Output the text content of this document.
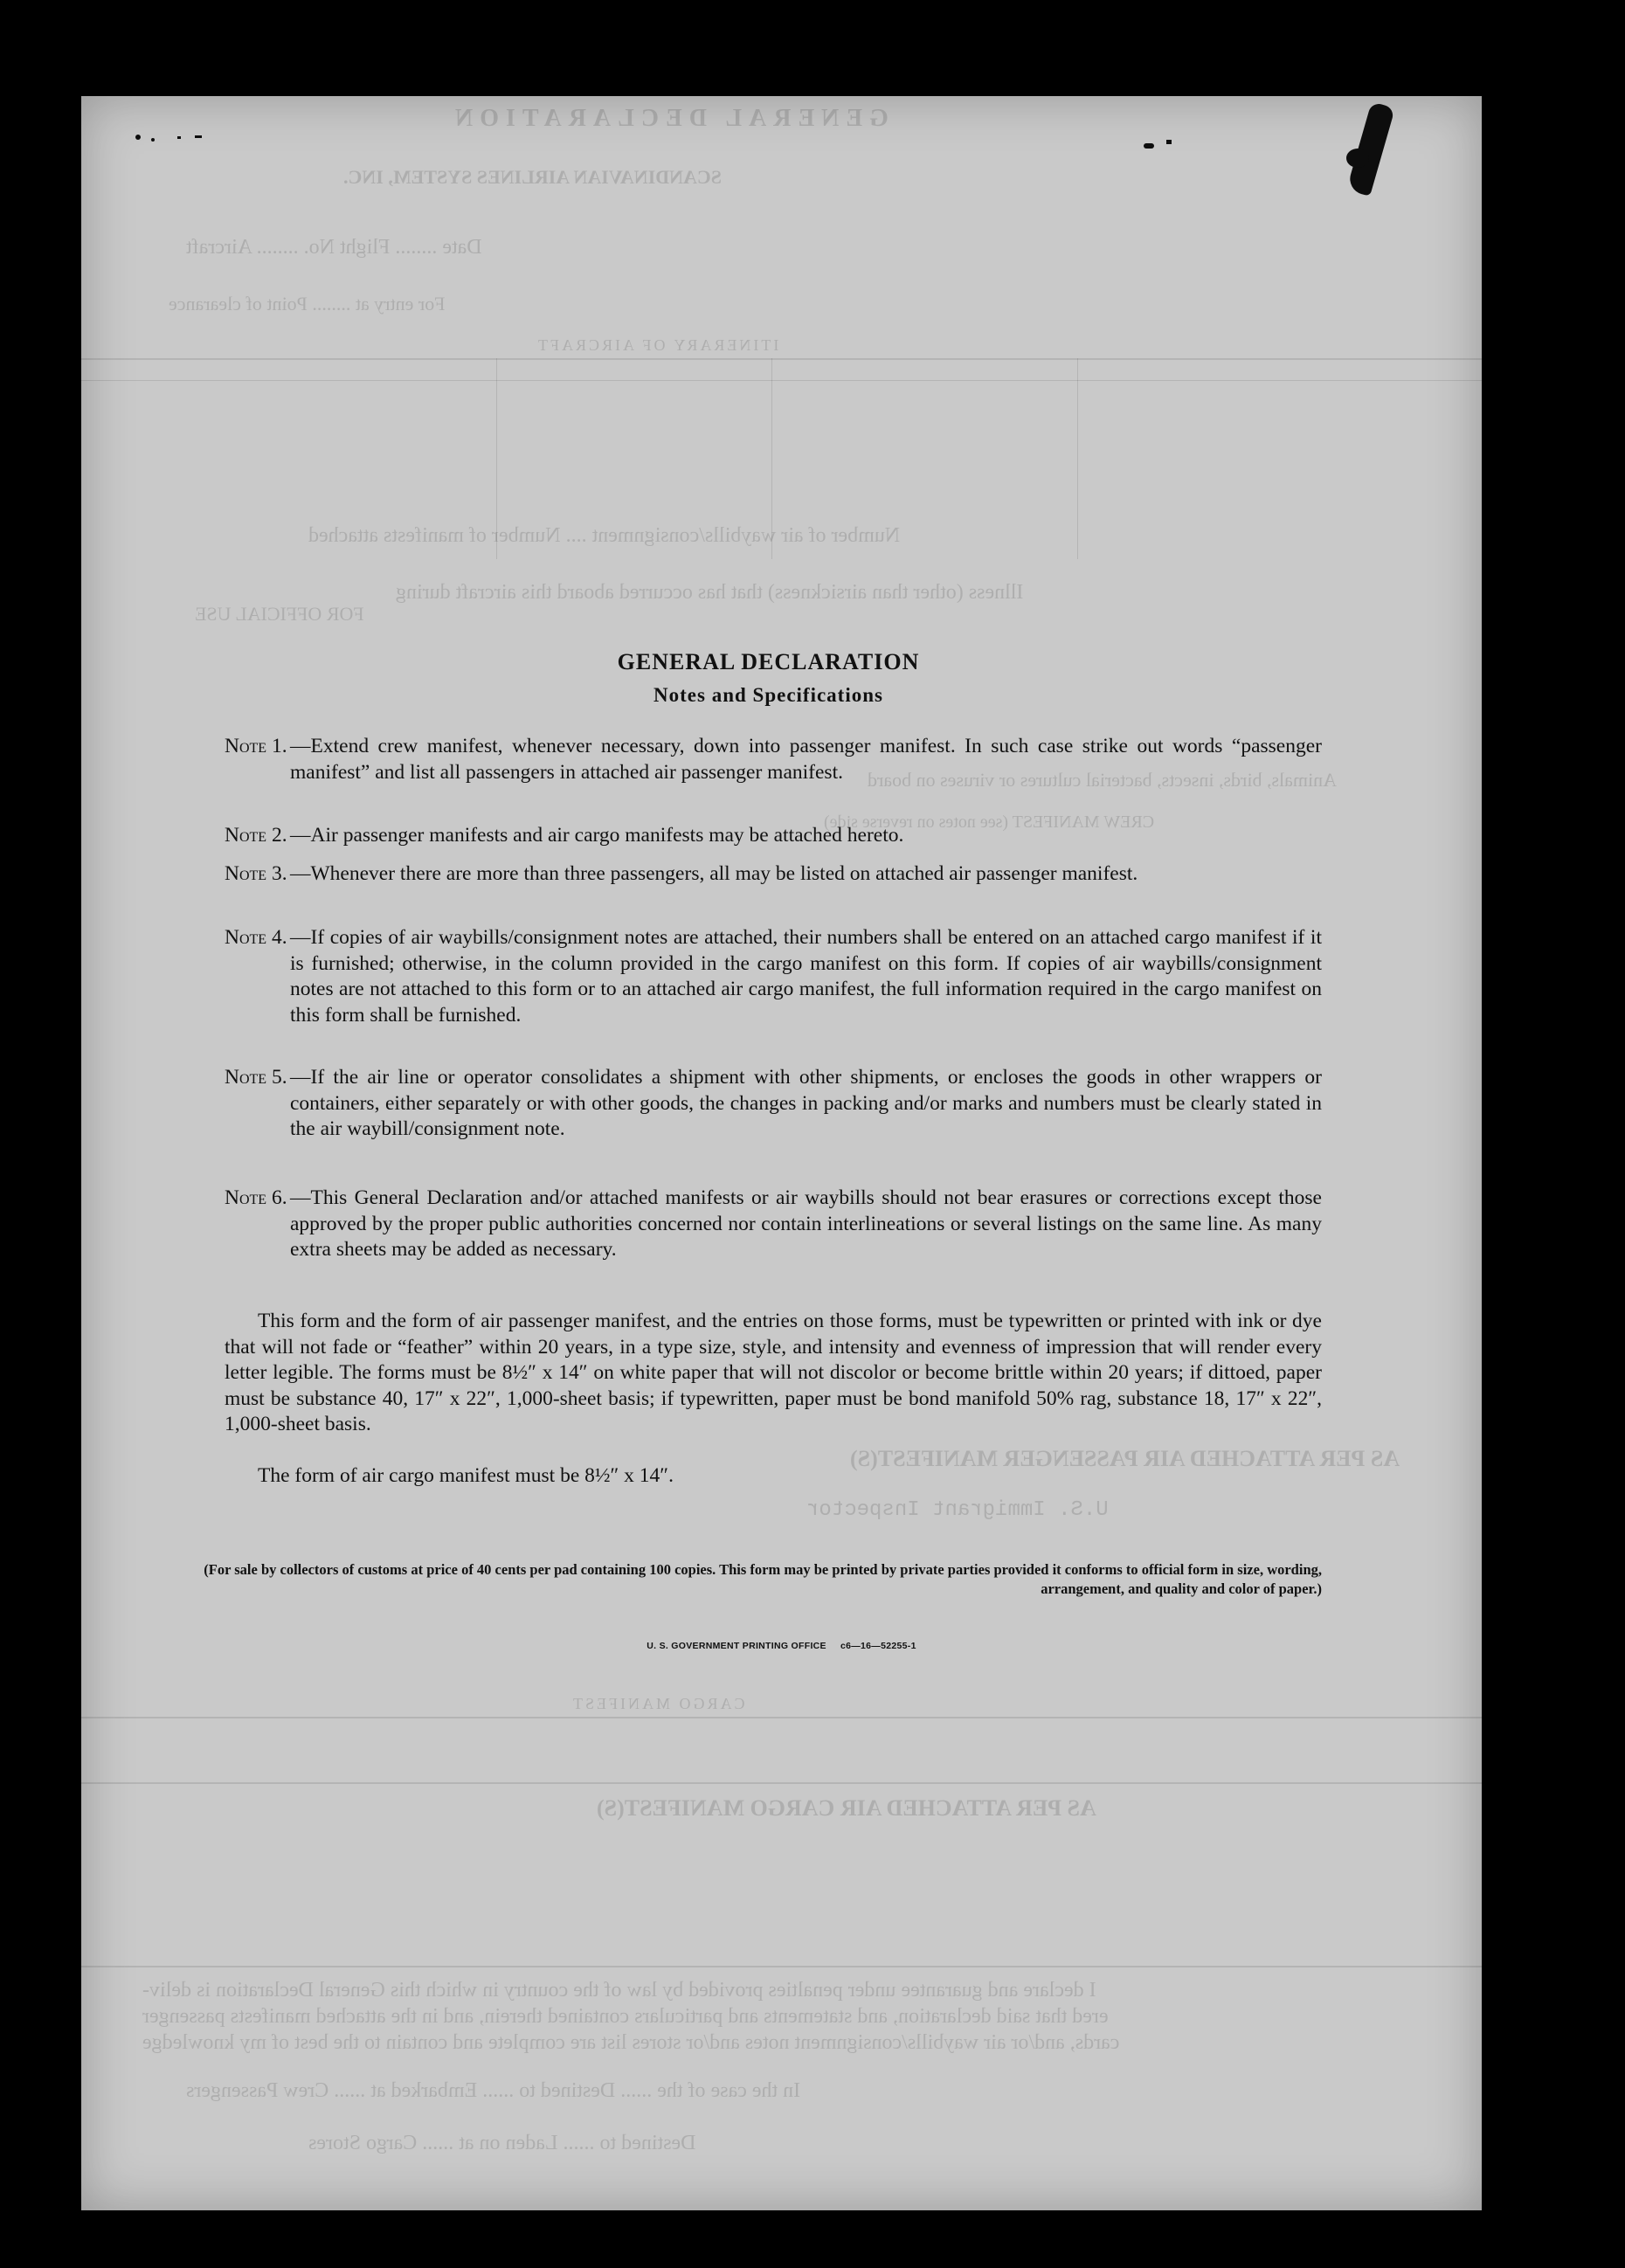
GENERAL DECLARATION
SCANDINAVIAN AIRLINES SYSTEM, INC.
Date ........ Flight No. ........ Aircraft
For entry at ........ Point of clearance
ITINERARY OF AIRCRAFT
Number of air waybills/consignment .... Number of manifests attached
Illness (other than airsickness) that has occurred aboard this aircraft during
FOR OFFICIAL USE
Animals, birds, insects, bacterial cultures or viruses on board
CREW MANIFEST (see notes on reverse side)
AS PER ATTACHED AIR PASSENGER MANIFEST(S)
U.S. Immigrant Inspector
CARGO MANIFEST
AS PER ATTACHED AIR CARGO MANIFEST(S)
I declare and guarantee under penalties provided by law of the country in which this General Declaration is deliv-
ered that said declaration, and statements and particulars contained therein, and in the attached manifests passenger
cards, and/or air waybills/consignment notes and/or stores list are complete and contain to the best of my knowledge
In the case of the ...... Destined to ...... Embarked at ...... Crew Passengers
Destined to ...... Laden on at ...... Cargo Stores
GENERAL DECLARATION
Notes and Specifications
Note 1. —Extend crew manifest, whenever necessary, down into passenger manifest. In such case strike out words “passenger manifest” and list all passengers in attached air passenger manifest.
Note 2. —Air passenger manifests and air cargo manifests may be attached hereto.
Note 3. —Whenever there are more than three passengers, all may be listed on attached air passenger manifest.
Note 4. —If copies of air waybills/consignment notes are attached, their numbers shall be entered on an attached cargo manifest if it is furnished; otherwise, in the column provided in the cargo manifest on this form. If copies of air waybills/consignment notes are not attached to this form or to an attached air cargo manifest, the full information required in the cargo manifest on this form shall be furnished.
Note 5. —If the air line or operator consolidates a shipment with other shipments, or encloses the goods in other wrappers or containers, either separately or with other goods, the changes in packing and/or marks and numbers must be clearly stated in the air waybill/consignment note.
Note 6. —This General Declaration and/or attached manifests or air waybills should not bear erasures or corrections except those approved by the proper public authorities concerned nor contain interlineations or several listings on the same line. As many extra sheets may be added as necessary.
This form and the form of air passenger manifest, and the entries on those forms, must be typewritten or printed with ink or dye that will not fade or “feather” within 20 years, in a type size, style, and intensity and evenness of impression that will render every letter legible. The forms must be 8½″ x 14″ on white paper that will not discolor or become brittle within 20 years; if dittoed, paper must be substance 40, 17″ x 22″, 1,000-sheet basis; if typewritten, paper must be bond manifold 50% rag, substance 18, 17″ x 22″, 1,000-sheet basis.
The form of air cargo manifest must be 8½″ x 14″.
(For sale by collectors of customs at price of 40 cents per pad containing 100 copies. This form may be printed by private parties provided it conforms to official form in size, wording, arrangement, and quality and color of paper.)
U. S. GOVERNMENT PRINTING OFFICE     c6—16—52255-1
